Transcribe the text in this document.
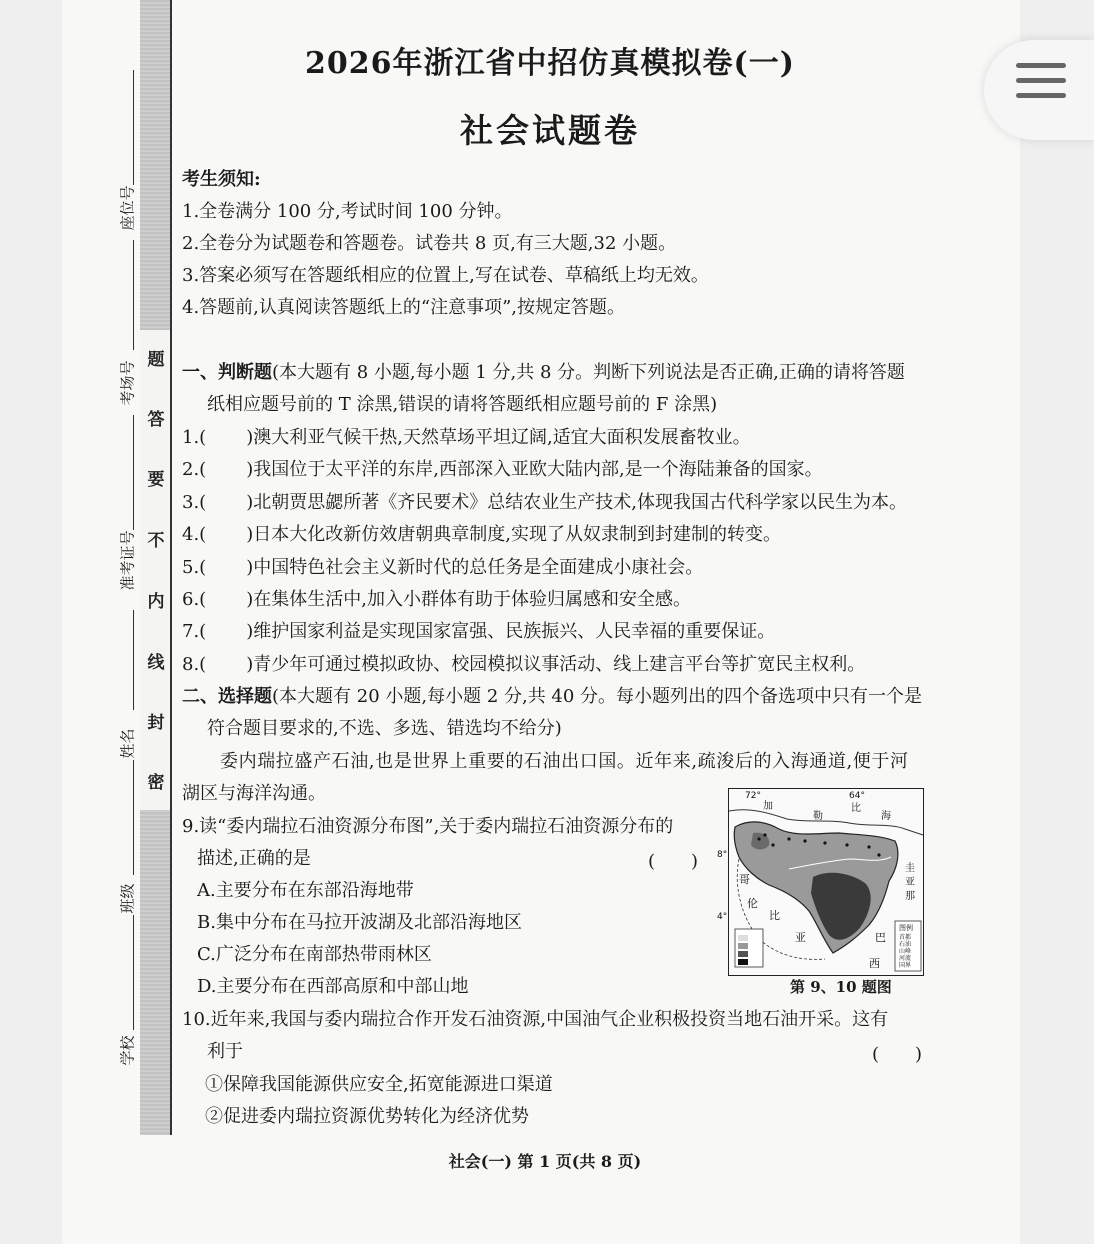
题
答
要
不
内
线
封
密
座位号
考场号
准考证号
姓名
班级
学校
2026年浙江省中招仿真模拟卷(一)
社会试题卷
考生须知:
1.全卷满分 100 分,考试时间 100 分钟。
2.全卷分为试题卷和答题卷。试卷共 8 页,有三大题,32 小题。
3.答案必须写在答题纸相应的位置上,写在试卷、草稿纸上均无效。
4.答题前,认真阅读答题纸上的“注意事项”,按规定答题。
一、判断题(本大题有 8 小题,每小题 1 分,共 8 分。判断下列说法是否正确,正确的请将答题
纸相应题号前的 T 涂黑,错误的请将答题纸相应题号前的 F 涂黑)
1.( )澳大利亚气候干热,天然草场平坦辽阔,适宜大面积发展畜牧业。
2.( )我国位于太平洋的东岸,西部深入亚欧大陆内部,是一个海陆兼备的国家。
3.( )北朝贾思勰所著《齐民要术》总结农业生产技术,体现我国古代科学家以民生为本。
4.( )日本大化改新仿效唐朝典章制度,实现了从奴隶制到封建制的转变。
5.( )中国特色社会主义新时代的总任务是全面建成小康社会。
6.( )在集体生活中,加入小群体有助于体验归属感和安全感。
7.( )维护国家利益是实现国家富强、民族振兴、人民幸福的重要保证。
8.( )青少年可通过模拟政协、校园模拟议事活动、线上建言平台等扩宽民主权利。
二、选择题(本大题有 20 小题,每小题 2 分,共 40 分。每小题列出的四个备选项中只有一个是
符合题目要求的,不选、多选、错选均不给分)
委内瑞拉盛产石油,也是世界上重要的石油出口国。近年来,疏浚后的入海通道,便于河
湖区与海洋沟通。
9.读“委内瑞拉石油资源分布图”,关于委内瑞拉石油资源分布的
描述,正确的是	(　　)
A.主要分布在东部沿海地带
B.集中分布在马拉开波湖及北部沿海地区
C.广泛分布在南部热带雨林区
D.主要分布在西部高原和中部山地
72°	64°
加
勒
比
海
8°
4°
哥
伦
比
亚	巴
西
圭
亚
那
图例
首都
石油
山峰
河流
国界
第 9、10 题图
10.近年来,我国与委内瑞拉合作开发石油资源,中国油气企业积极投资当地石油开采。这有
利于	(　　)
①保障我国能源供应安全,拓宽能源进口渠道
②促进委内瑞拉资源优势转化为经济优势
社会(一) 第 1 页(共 8 页)
